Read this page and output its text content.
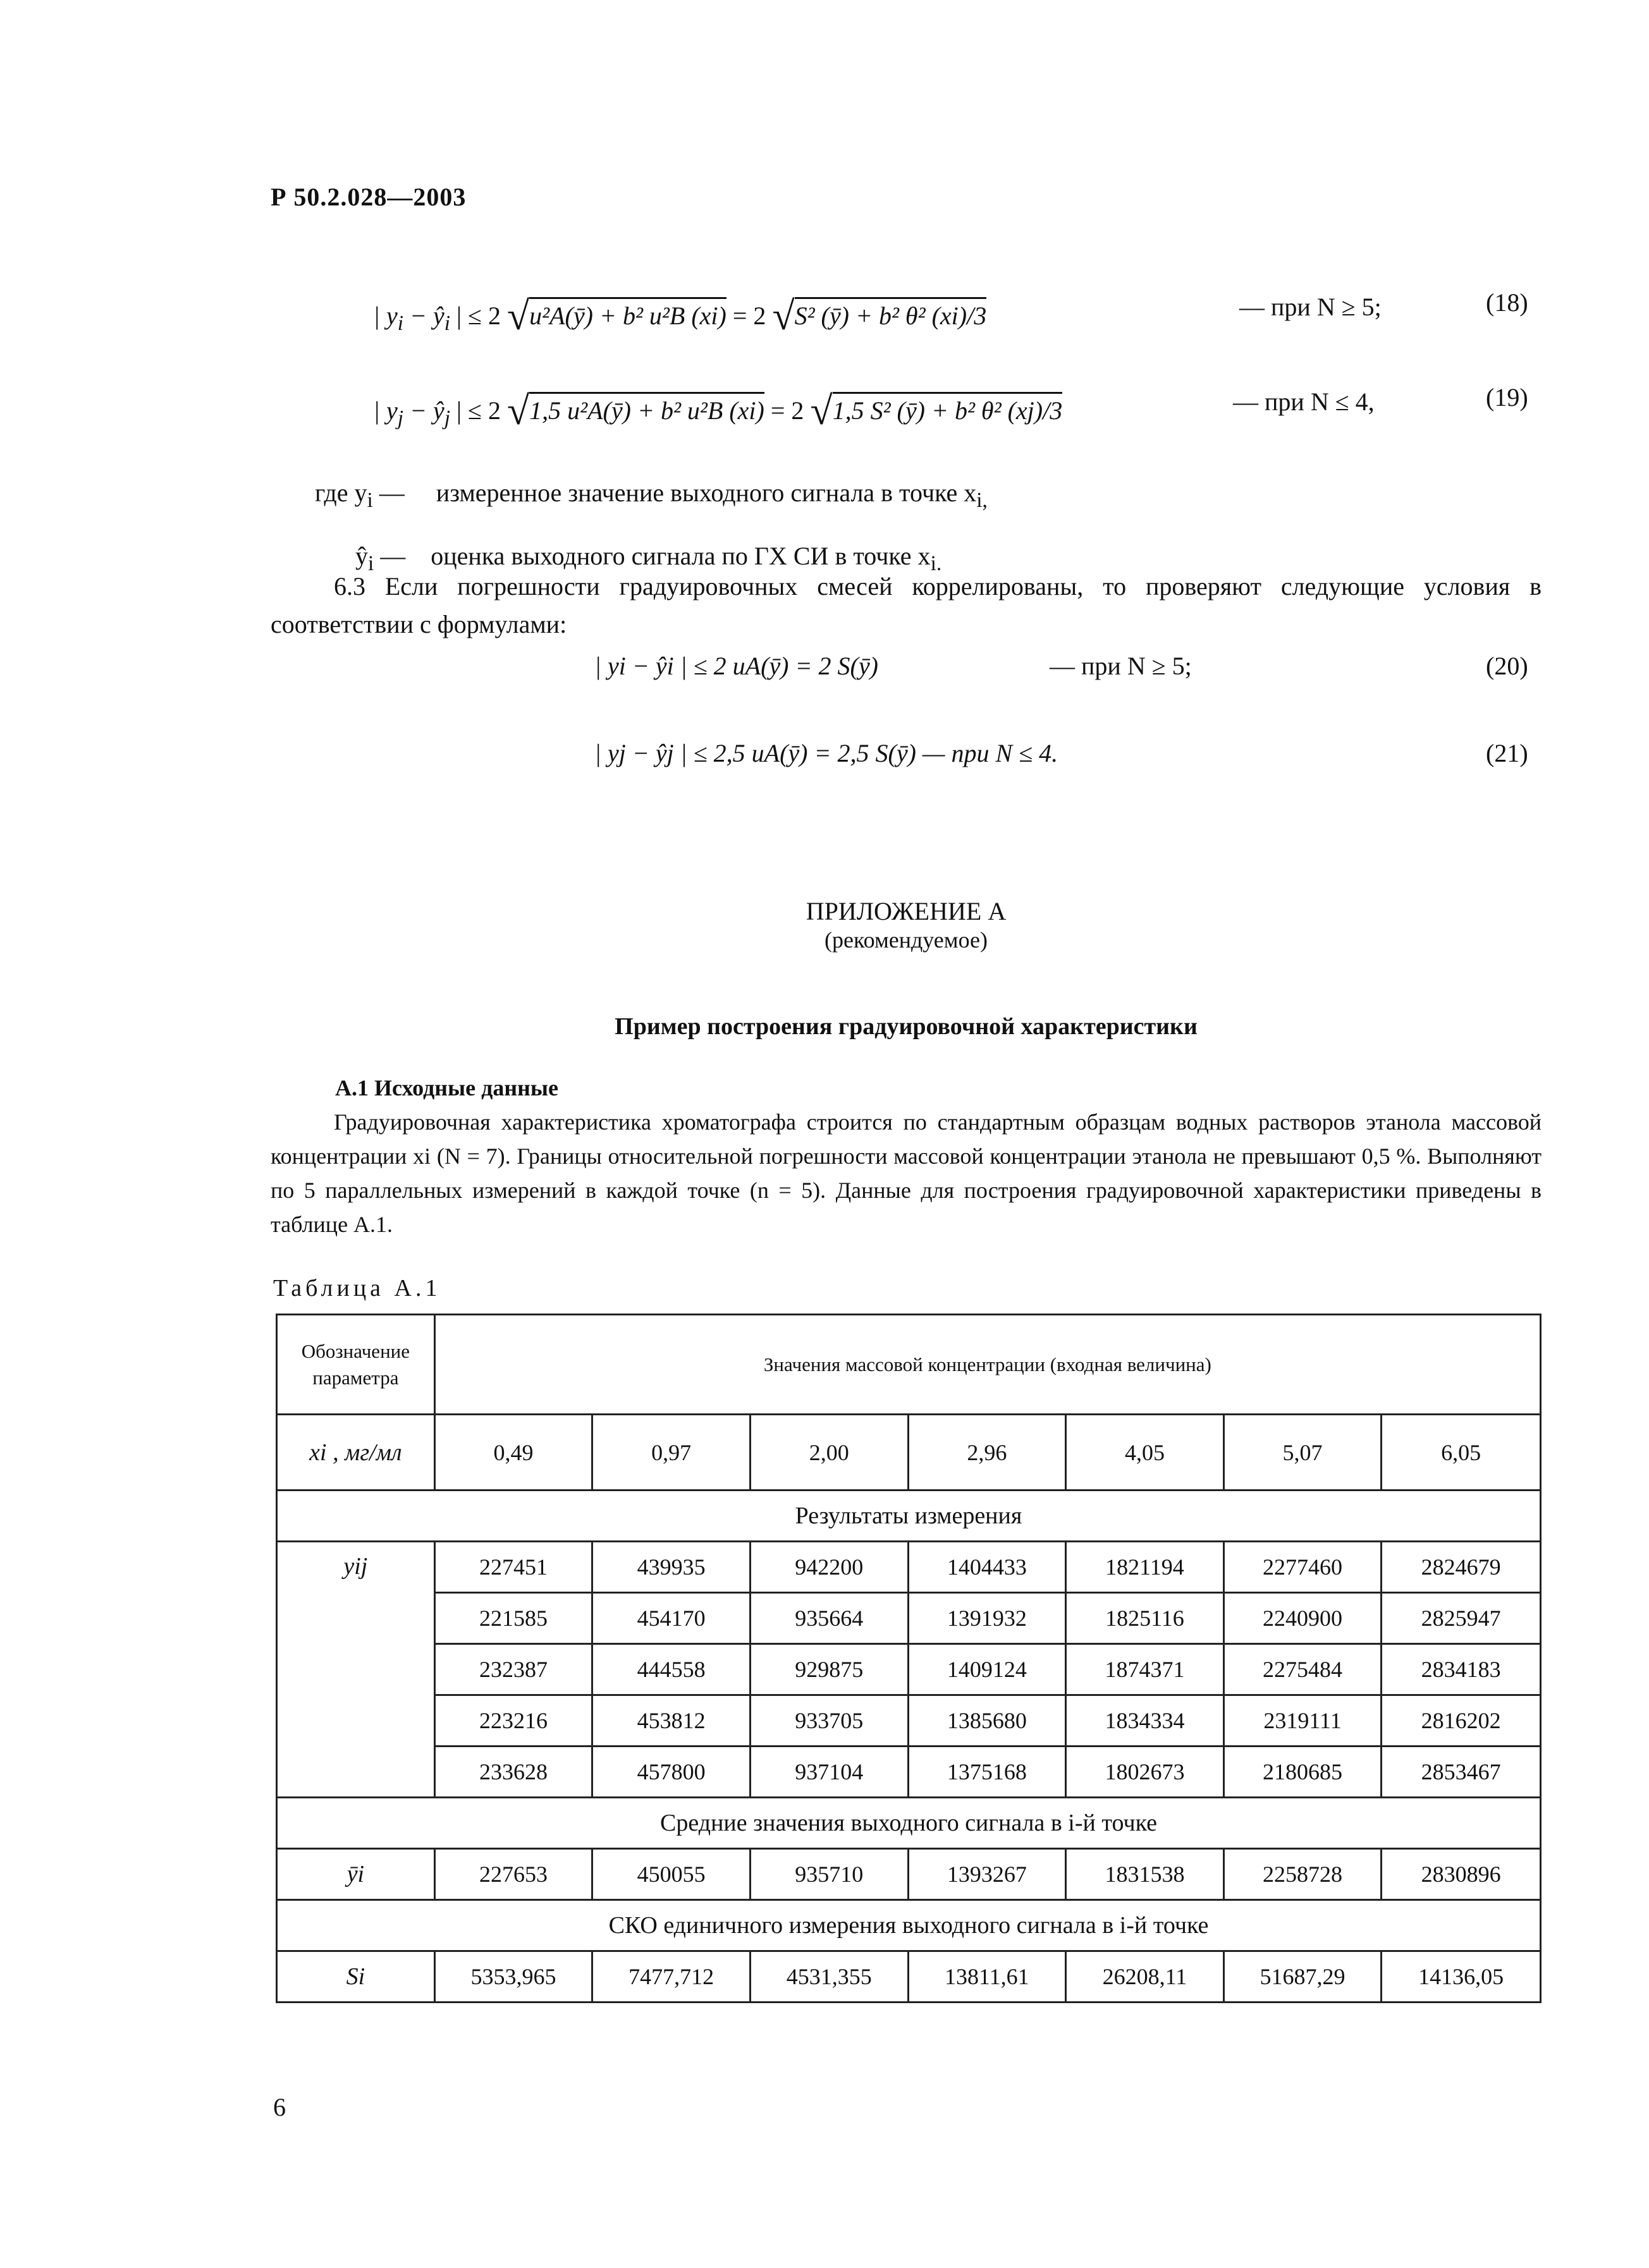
Р 50.2.028—2003
| $y_i$ − $ŷ_i$ | ≤ 2 √u²A(ȳ) + b² u²B (xi) = 2 √S² (ȳ) + b² θ² (xi)/3	— при N ≥ 5;	(18)
| $y_j$ − $ŷ_j$ | ≤ 2 √1,5 u²A(ȳ) + b² u²B (xi) = 2 √1,5 S² (ȳ) + b² θ² (xj)/3	— при N ≤ 4,	(19)
где $y_i$ — измеренное значение выходного сигнала в точке $x_{i,}$
$ŷ_i$ — оценка выходного сигнала по ГХ СИ в точке $x_{i.}$
6.3 Если погрешности градуировочных смесей коррелированы, то проверяют следующие условия в соответствии с формулами:
| yi − ŷi | ≤ 2 uA(ȳ) = 2 S(ȳ)	— при N ≥ 5;	(20)
| yj − ŷj | ≤ 2,5 uA(ȳ) = 2,5 S(ȳ) — при N ≤ 4.	(21)
ПРИЛОЖЕНИЕ А
(рекомендуемое)
Пример построения градуировочной характеристики
А.1 Исходные данные
Градуировочная характеристика хроматографа строится по стандартным образцам водных растворов этанола массовой концентрации xi (N = 7). Границы относительной погрешности массовой концентрации этанола не превышают 0,5 %. Выполняют по 5 параллельных измерений в каждой точке (n = 5). Данные для построения градуировочной характеристики приведены в таблице А.1.
Таблица А.1
Обозначение параметра	Значения массовой концентрации (входная величина)						
xi , мг/мл	0,49	0,97	2,00	2,96	4,05	5,07	6,05
Результаты измерения							
yij	227451	439935	942200	1404433	1821194	2277460	2824679
	221585	454170	935664	1391932	1825116	2240900	2825947
	232387	444558	929875	1409124	1874371	2275484	2834183
	223216	453812	933705	1385680	1834334	2319111	2816202
	233628	457800	937104	1375168	1802673	2180685	2853467
Средние значения выходного сигнала в i-й точке							
ȳi	227653	450055	935710	1393267	1831538	2258728	2830896
СКО единичного измерения выходного сигнала в i-й точке							
Si	5353,965	7477,712	4531,355	13811,61	26208,11	51687,29	14136,05
6
